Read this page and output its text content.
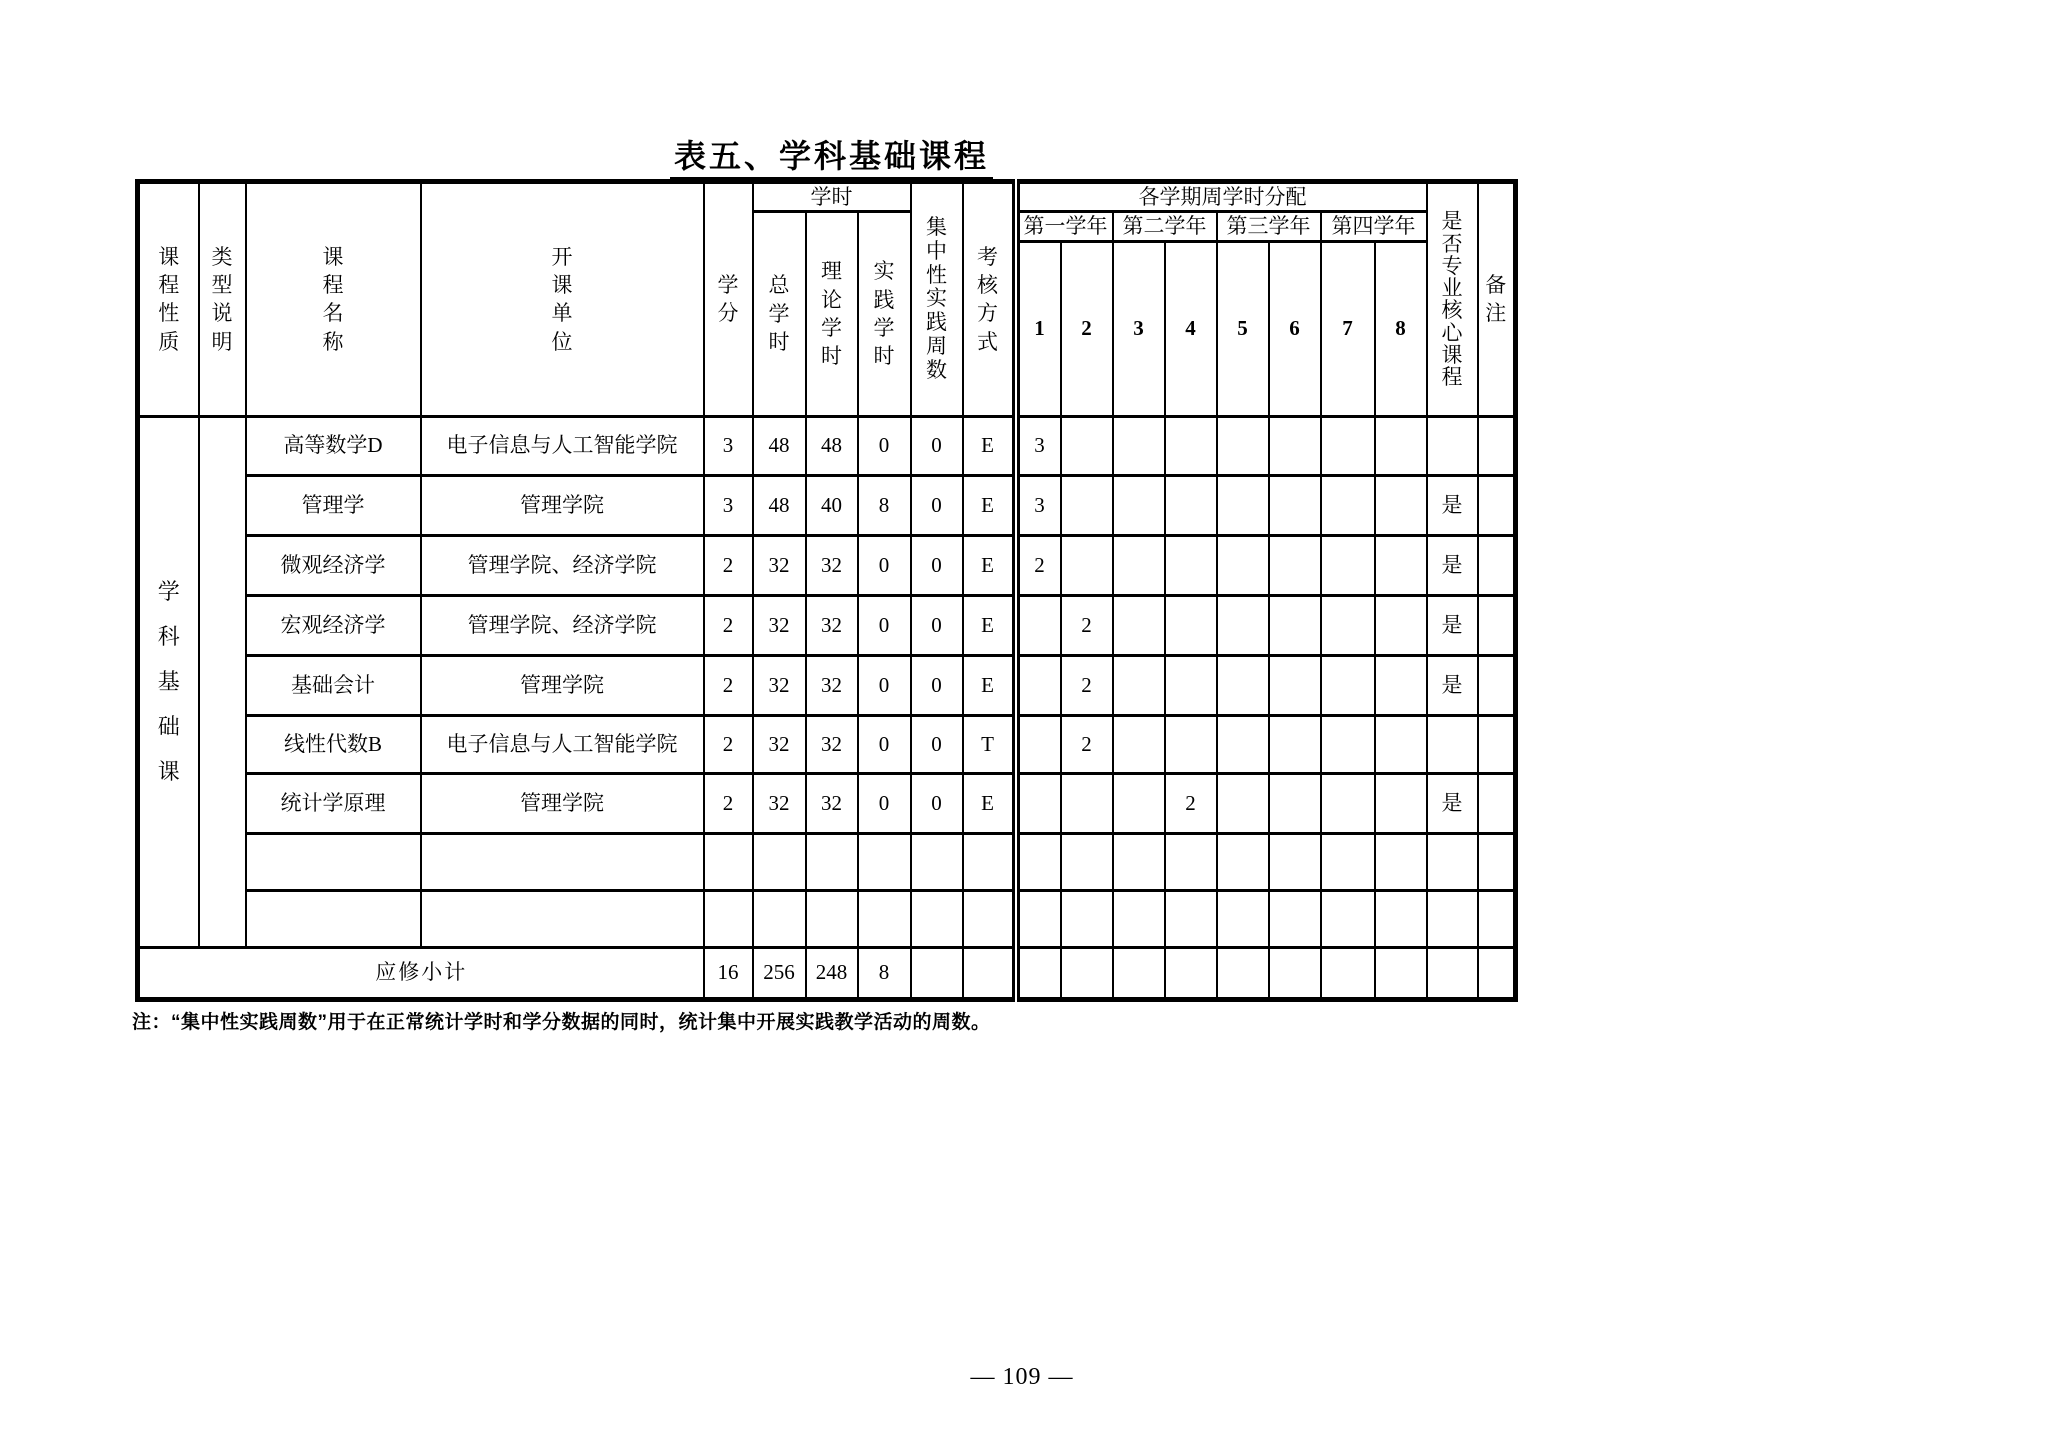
表五、学科基础课程
课程性质	类型说明	课程名称	开课单位	学分	学时			集中性实践周数	考核方式	各学期周学时分配								是否专业核心课程	备注

					总学时	理论学时	实践学时			第一学年		第二学年		第三学年		第四学年			
										1	2	3	4	5	6	7	8		

学科基础课		高等数学D	电子信息与人工智能学院	3	48	48	0	0	E	3									
		管理学	管理学院	3	48	40	8	0	E	3								是	
		微观经济学	管理学院、经济学院	2	32	32	0	0	E	2								是	
		宏观经济学	管理学院、经济学院	2	32	32	0	0	E		2							是	
		基础会计	管理学院	2	32	32	0	0	E		2							是	
		线性代数B	电子信息与人工智能学院	2	32	32	0	0	T		2								
		统计学原理	管理学院	2	32	32	0	0	E				2					是	

应修小计				16	256	248	8												
注：“集中性实践周数”用于在正常统计学时和学分数据的同时，统计集中开展实践教学活动的周数。
— 109 —
